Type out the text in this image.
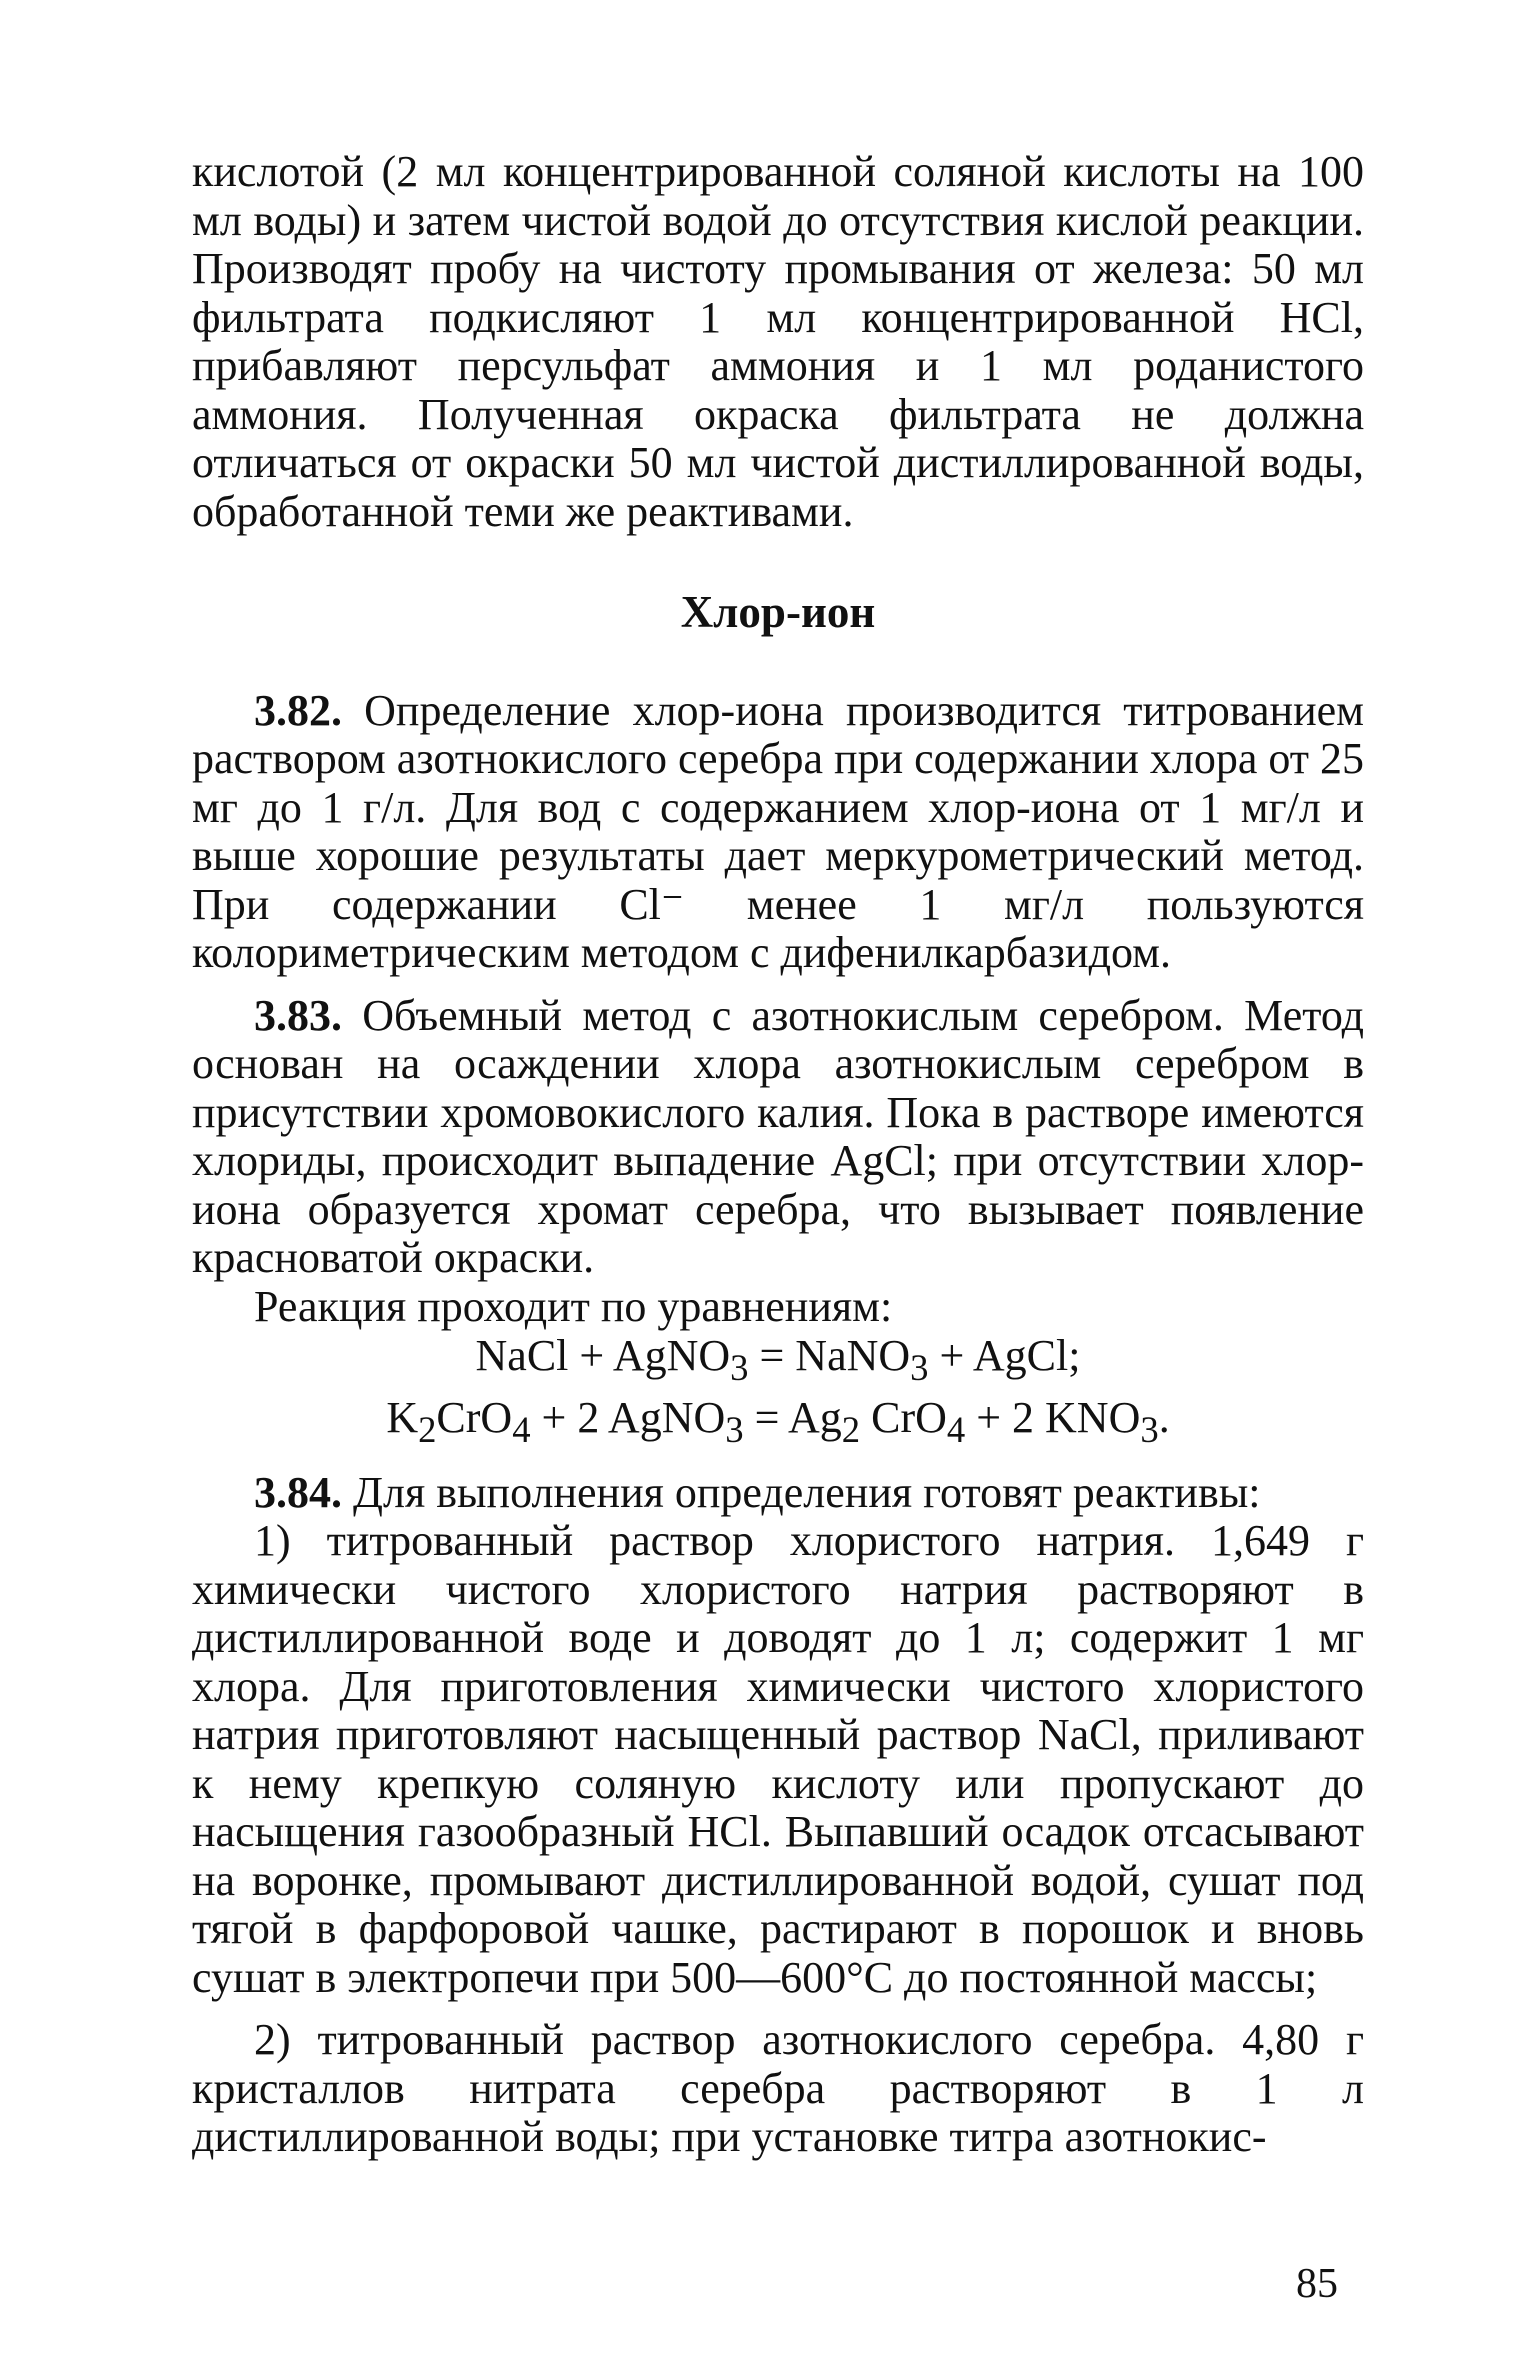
кислотой (2 мл концентрированной соляной кислоты на 100 мл воды) и затем чистой водой до отсутствия кислой реакции. Производят пробу на чистоту промывания от железа: 50 мл фильтрата подкисляют 1 мл концентрированной HCl, прибавляют персульфат аммония и 1 мл роданистого аммония. Полученная окраска фильтрата не должна отличаться от окраски 50 мл чистой дистиллированной воды, обработанной теми же реактивами.

Хлор-ион

3.82. Определение хлор-иона производится титрованием раствором азотнокислого серебра при содержании хлора от 25 мг до 1 г/л. Для вод с содержанием хлор-иона от 1 мг/л и выше хорошие результаты дает меркурометрический метод. При содержании Cl⁻ менее 1 мг/л пользуются колориметрическим методом с дифенилкарбазидом.

3.83. Объемный метод с азотнокислым серебром. Метод основан на осаждении хлора азотнокислым серебром в присутствии хромовокислого калия. Пока в растворе имеются хлориды, происходит выпадение AgCl; при отсутствии хлор-иона образуется хромат серебра, что вызывает появление красноватой окраски.

Реакция проходит по уравнениям:

NaCl + AgNO$_3$ = NaNO$_3$ + AgCl;

$K_2CrO_4 + 2$ AgNO$_3$ = $Ag_2$ CrO$_4$ + 2 $KNO_3$.

3.84. Для выполнения определения готовят реактивы:

1) титрованный раствор хлористого натрия. 1,649 г химически чистого хлористого натрия растворяют в дистиллированной воде и доводят до 1 л; содержит 1 мг хлора. Для приготовления химически чистого хлористого натрия приготовляют насыщенный раствор NaCl, приливают к нему крепкую соляную кислоту или пропускают до насыщения газообразный HCl. Выпавший осадок отсасывают на воронке, промывают дистиллированной водой, сушат под тягой в фарфоровой чашке, растирают в порошок и вновь сушат в электропечи при 500—600°C до постоянной массы;

2) титрованный раствор азотнокислого серебра. 4,80 г кристаллов нитрата серебра растворяют в 1 л дистиллированной воды; при установке титра азотнокис-

85
